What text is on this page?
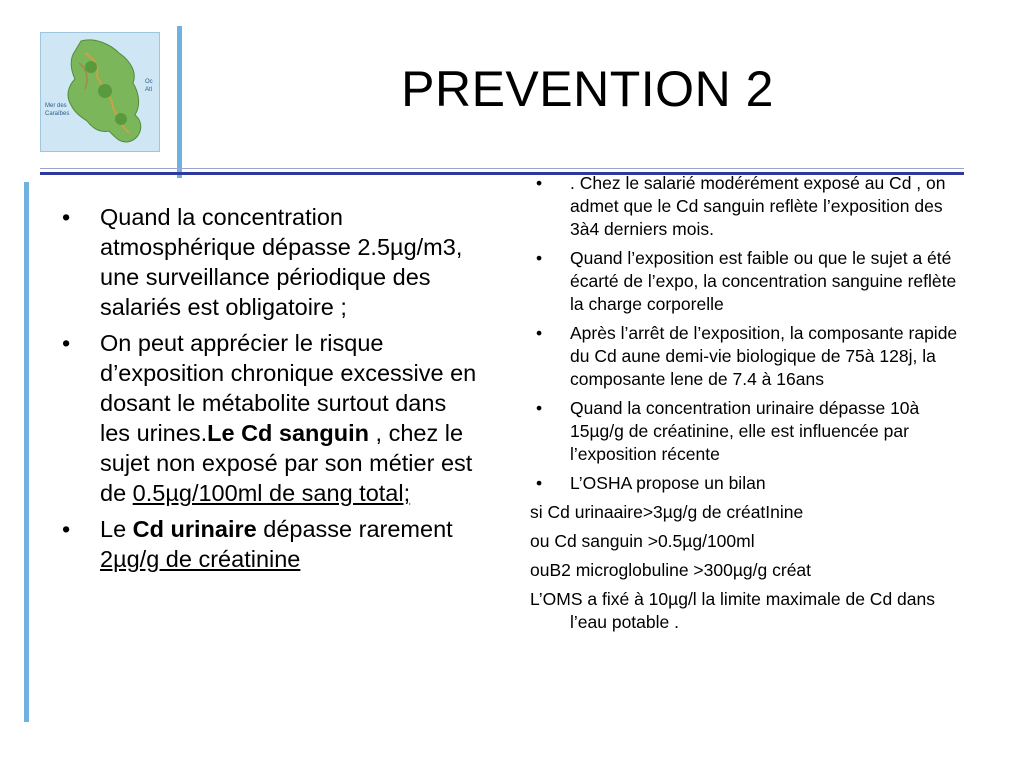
Mer des
Caraïbes
Oc
Atl	PREVENTION 2
• Quand la concentration atmosphérique dépasse 2.5µg/m3, une surveillance périodique des salariés est obligatoire ;
• On peut apprécier le risque d’exposition chronique excessive en dosant le métabolite surtout dans les urines.Le Cd sanguin , chez le sujet non exposé par son métier est de 0.5µg/100ml de sang total;
• Le Cd urinaire dépasse rarement 2µg/g de créatinine
• . Chez le salarié modérément exposé au Cd , on admet que le Cd sanguin reflète l’exposition des 3à4 derniers mois.
• Quand l’exposition est faible ou que le sujet a été écarté de l’expo, la concentration sanguine reflète la charge corporelle
• Après l’arrêt de l’exposition, la composante rapide du Cd aune demi-vie biologique de 75à 128j, la composante lene de 7.4 à 16ans
• Quand la concentration urinaire dépasse 10à 15µg/g de créatinine, elle est influencée par l’exposition récente
• L’OSHA propose un bilan

si Cd urinaaire>3µg/g de créatInine

ou Cd sanguin >0.5µg/100ml

ouB2 microglobuline >300µg/g créat

L’OMS a fixé à 10µg/l la limite maximale de Cd dans l’eau potable .
